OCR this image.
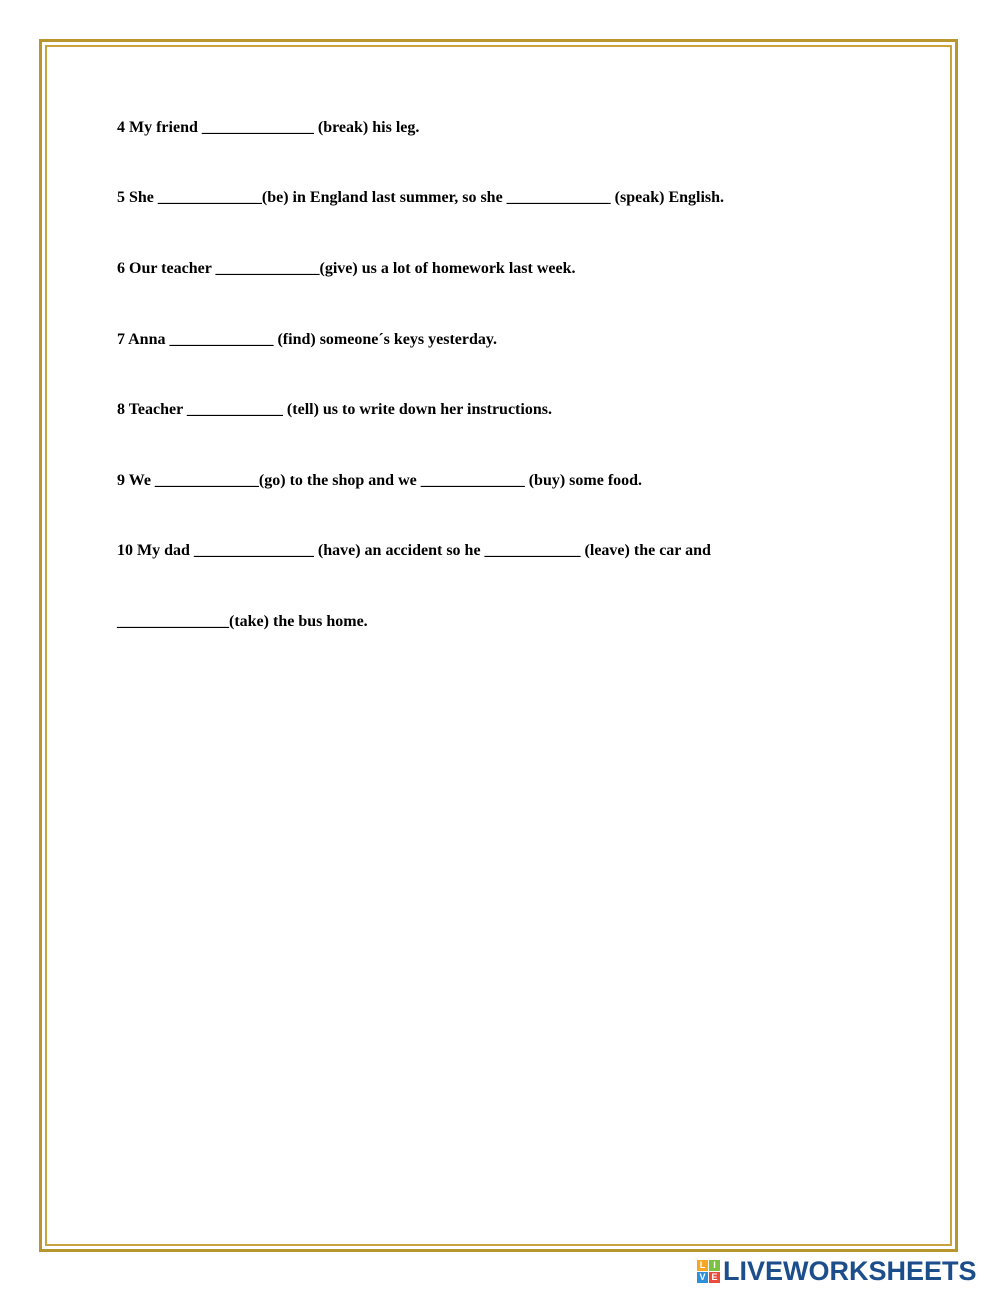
4 My friend ______________ (break) his leg.
5 She _____________(be) in England last summer, so she _____________ (speak) English.
6 Our teacher _____________(give) us a lot of homework last week.
7 Anna _____________ (find) someone´s keys yesterday.
8 Teacher ____________ (tell) us to write down her instructions.
9 We _____________(go) to the shop and we _____________ (buy) some food.
10 My dad _______________ (have) an accident so he ____________ (leave) the car and
______________(take) the bus home.
L I
V E LIVEWORKSHEETS
